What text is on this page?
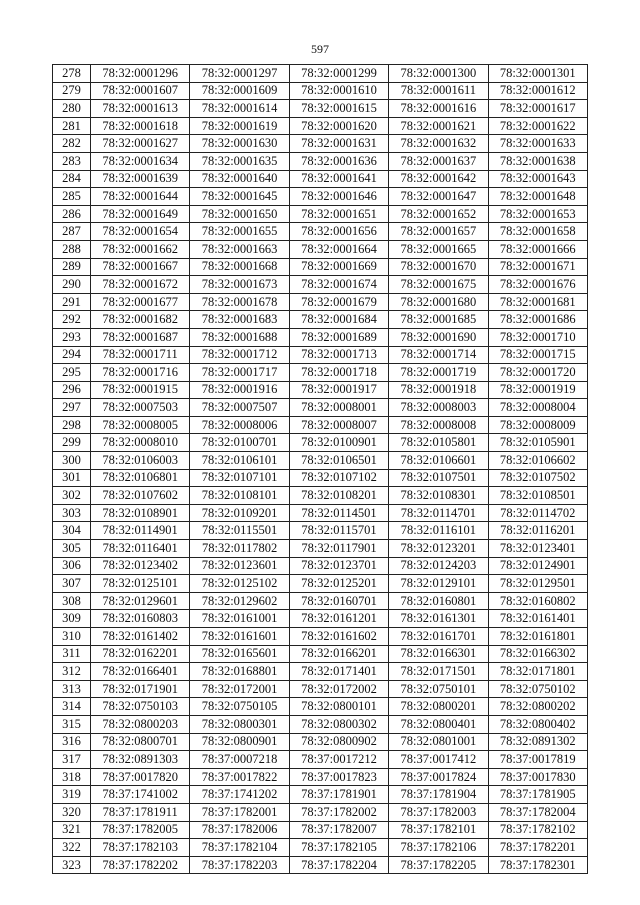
597
278	78:32:0001296	78:32:0001297	78:32:0001299	78:32:0001300	78:32:0001301
279	78:32:0001607	78:32:0001609	78:32:0001610	78:32:0001611	78:32:0001612
280	78:32:0001613	78:32:0001614	78:32:0001615	78:32:0001616	78:32:0001617
281	78:32:0001618	78:32:0001619	78:32:0001620	78:32:0001621	78:32:0001622
282	78:32:0001627	78:32:0001630	78:32:0001631	78:32:0001632	78:32:0001633
283	78:32:0001634	78:32:0001635	78:32:0001636	78:32:0001637	78:32:0001638
284	78:32:0001639	78:32:0001640	78:32:0001641	78:32:0001642	78:32:0001643
285	78:32:0001644	78:32:0001645	78:32:0001646	78:32:0001647	78:32:0001648
286	78:32:0001649	78:32:0001650	78:32:0001651	78:32:0001652	78:32:0001653
287	78:32:0001654	78:32:0001655	78:32:0001656	78:32:0001657	78:32:0001658
288	78:32:0001662	78:32:0001663	78:32:0001664	78:32:0001665	78:32:0001666
289	78:32:0001667	78:32:0001668	78:32:0001669	78:32:0001670	78:32:0001671
290	78:32:0001672	78:32:0001673	78:32:0001674	78:32:0001675	78:32:0001676
291	78:32:0001677	78:32:0001678	78:32:0001679	78:32:0001680	78:32:0001681
292	78:32:0001682	78:32:0001683	78:32:0001684	78:32:0001685	78:32:0001686
293	78:32:0001687	78:32:0001688	78:32:0001689	78:32:0001690	78:32:0001710
294	78:32:0001711	78:32:0001712	78:32:0001713	78:32:0001714	78:32:0001715
295	78:32:0001716	78:32:0001717	78:32:0001718	78:32:0001719	78:32:0001720
296	78:32:0001915	78:32:0001916	78:32:0001917	78:32:0001918	78:32:0001919
297	78:32:0007503	78:32:0007507	78:32:0008001	78:32:0008003	78:32:0008004
298	78:32:0008005	78:32:0008006	78:32:0008007	78:32:0008008	78:32:0008009
299	78:32:0008010	78:32:0100701	78:32:0100901	78:32:0105801	78:32:0105901
300	78:32:0106003	78:32:0106101	78:32:0106501	78:32:0106601	78:32:0106602
301	78:32:0106801	78:32:0107101	78:32:0107102	78:32:0107501	78:32:0107502
302	78:32:0107602	78:32:0108101	78:32:0108201	78:32:0108301	78:32:0108501
303	78:32:0108901	78:32:0109201	78:32:0114501	78:32:0114701	78:32:0114702
304	78:32:0114901	78:32:0115501	78:32:0115701	78:32:0116101	78:32:0116201
305	78:32:0116401	78:32:0117802	78:32:0117901	78:32:0123201	78:32:0123401
306	78:32:0123402	78:32:0123601	78:32:0123701	78:32:0124203	78:32:0124901
307	78:32:0125101	78:32:0125102	78:32:0125201	78:32:0129101	78:32:0129501
308	78:32:0129601	78:32:0129602	78:32:0160701	78:32:0160801	78:32:0160802
309	78:32:0160803	78:32:0161001	78:32:0161201	78:32:0161301	78:32:0161401
310	78:32:0161402	78:32:0161601	78:32:0161602	78:32:0161701	78:32:0161801
311	78:32:0162201	78:32:0165601	78:32:0166201	78:32:0166301	78:32:0166302
312	78:32:0166401	78:32:0168801	78:32:0171401	78:32:0171501	78:32:0171801
313	78:32:0171901	78:32:0172001	78:32:0172002	78:32:0750101	78:32:0750102
314	78:32:0750103	78:32:0750105	78:32:0800101	78:32:0800201	78:32:0800202
315	78:32:0800203	78:32:0800301	78:32:0800302	78:32:0800401	78:32:0800402
316	78:32:0800701	78:32:0800901	78:32:0800902	78:32:0801001	78:32:0891302
317	78:32:0891303	78:37:0007218	78:37:0017212	78:37:0017412	78:37:0017819
318	78:37:0017820	78:37:0017822	78:37:0017823	78:37:0017824	78:37:0017830
319	78:37:1741002	78:37:1741202	78:37:1781901	78:37:1781904	78:37:1781905
320	78:37:1781911	78:37:1782001	78:37:1782002	78:37:1782003	78:37:1782004
321	78:37:1782005	78:37:1782006	78:37:1782007	78:37:1782101	78:37:1782102
322	78:37:1782103	78:37:1782104	78:37:1782105	78:37:1782106	78:37:1782201
323	78:37:1782202	78:37:1782203	78:37:1782204	78:37:1782205	78:37:1782301
